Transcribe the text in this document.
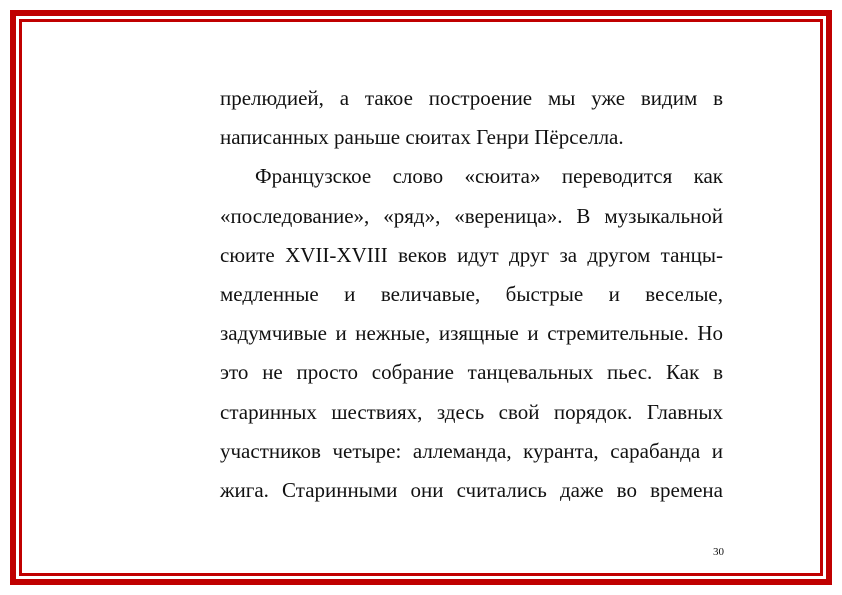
прелюдией, а такое построение мы уже видим в
написанных раньше сюитах Генри Пёрселла.
Французское слово «сюита» переводится как
«последование», «ряд», «вереница». В музыкальной
сюите XVII-XVIII веков идут друг за другом танцы-
медленные и величавые, быстрые и веселые,
задумчивые и нежные, изящные и стремительные. Но
это не просто собрание танцевальных пьес. Как в
старинных шествиях, здесь свой порядок. Главных
участников четыре: аллеманда, куранта, сарабанда и
жига. Старинными они считались даже во времена
30
